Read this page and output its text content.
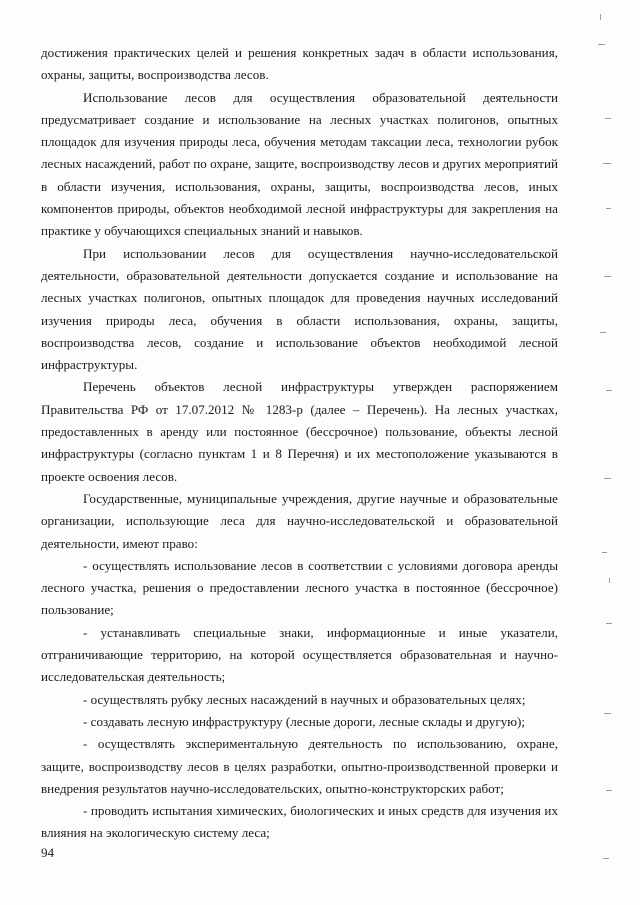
достижения практических целей и решения конкретных задач в области использования, охраны, защиты, воспроизводства лесов.

Использование лесов для осуществления образовательной деятельности предусматривает создание и использование на лесных участках полигонов, опытных площадок для изучения природы леса, обучения методам таксации леса, технологии рубок лесных насаждений, работ по охране, защите, воспроизводству лесов и других мероприятий в области изучения, использования, охраны, защиты, воспроизводства лесов, иных компонентов природы, объектов необходимой лесной инфраструктуры для закрепления на практике у обучающихся специальных знаний и навыков.

При использовании лесов для осуществления научно-исследовательской деятельности, образовательной деятельности допускается создание и использование на лесных участках полигонов, опытных площадок для проведения научных исследований изучения природы леса, обучения в области использования, охраны, защиты, воспроизводства лесов, создание и использование объектов необходимой лесной инфраструктуры.

Перечень объектов лесной инфраструктуры утвержден распоряжением Правительства РФ от 17.07.2012 № 1283-р (далее – Перечень). На лесных участках, предоставленных в аренду или постоянное (бессрочное) пользование, объекты лесной инфраструктуры (согласно пунктам 1 и 8 Перечня) и их местоположение указываются в проекте освоения лесов.

Государственные, муниципальные учреждения, другие научные и образовательные организации, использующие леса для научно-исследовательской и образовательной деятельности, имеют право:

- осуществлять использование лесов в соответствии с условиями договора аренды лесного участка, решения о предоставлении лесного участка в постоянное (бессрочное) пользование;

- устанавливать специальные знаки, информационные и иные указатели, отграничивающие территорию, на которой осуществляется образовательная и научно-исследовательская деятельность;

- осуществлять рубку лесных насаждений в научных и образовательных целях;

- создавать лесную инфраструктуру (лесные дороги, лесные склады и другую);

- осуществлять экспериментальную деятельность по использованию, охране, защите, воспроизводству лесов в целях разработки, опытно-производственной проверки и внедрения результатов научно-исследовательских, опытно-конструкторских работ;

- проводить испытания химических, биологических и иных средств для изучения их влияния на экологическую систему леса;

94
